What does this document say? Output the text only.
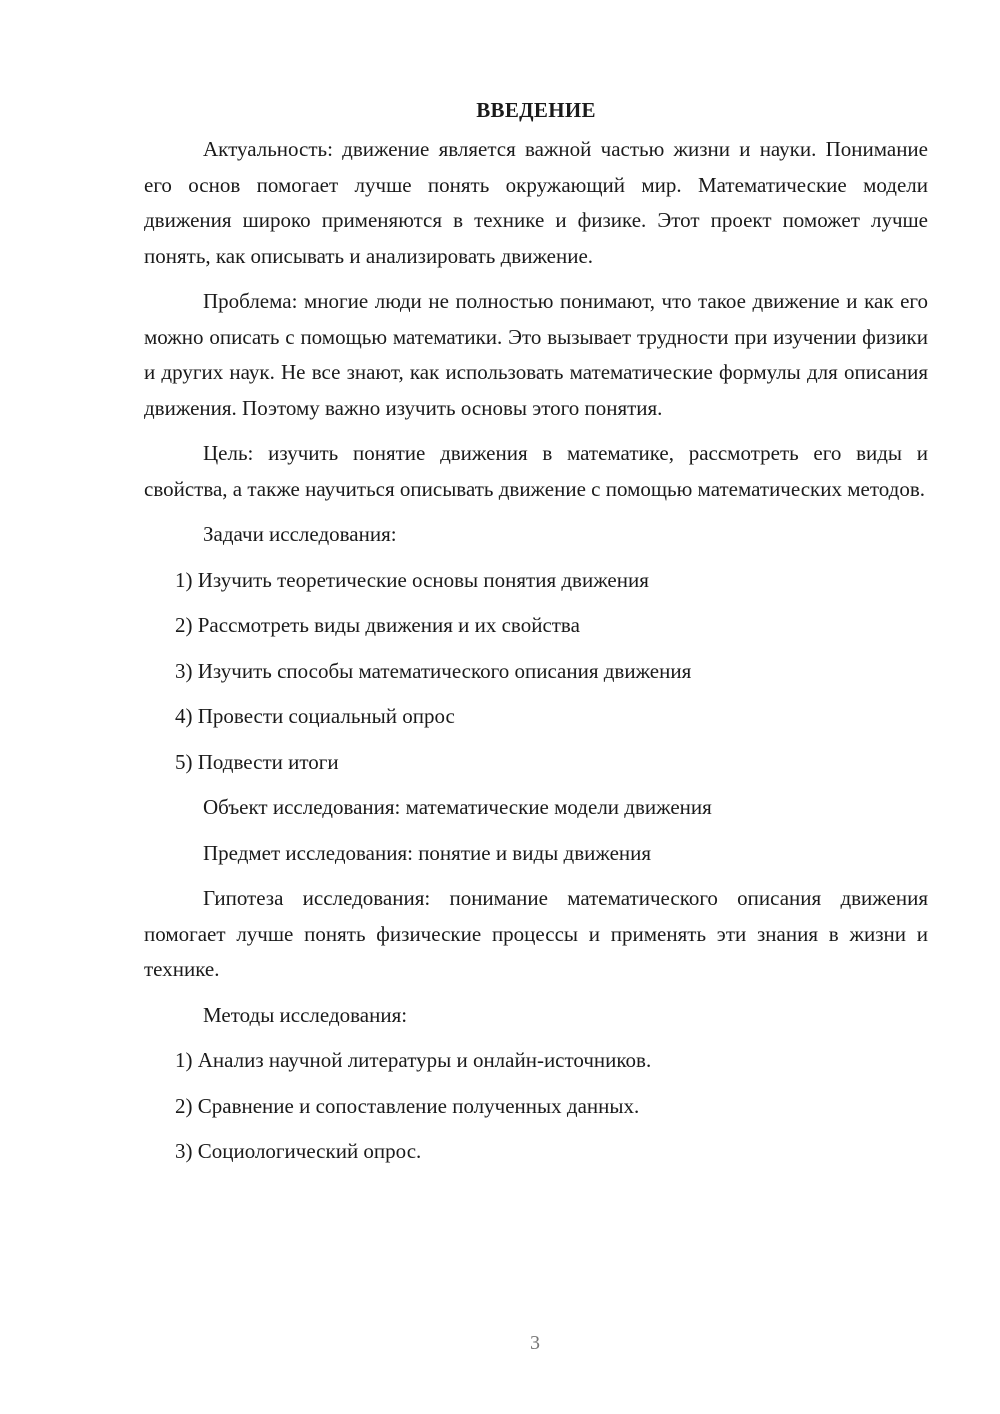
ВВЕДЕНИЕ

Актуальность: движение является важной частью жизни и науки. Понимание его основ помогает лучше понять окружающий мир. Математические модели движения широко применяются в технике и физике. Этот проект поможет лучше понять, как описывать и анализировать движение.

Проблема: многие люди не полностью понимают, что такое движение и как его можно описать с помощью математики. Это вызывает трудности при изучении физики и других наук. Не все знают, как использовать математические формулы для описания движения. Поэтому важно изучить основы этого понятия.

Цель: изучить понятие движения в математике, рассмотреть его виды и свойства, а также научиться описывать движение с помощью математических методов.

Задачи исследования:

1) Изучить теоретические основы понятия движения

2) Рассмотреть виды движения и их свойства

3) Изучить способы математического описания движения

4) Провести социальный опрос

5) Подвести итоги

Объект исследования: математические модели движения

Предмет исследования: понятие и виды движения

Гипотеза исследования: понимание математического описания движения помогает лучше понять физические процессы и применять эти знания в жизни и технике.

Методы исследования:

1) Анализ научной литературы и онлайн-источников.

2) Сравнение и сопоставление полученных данных.

3) Социологический опрос.

3
